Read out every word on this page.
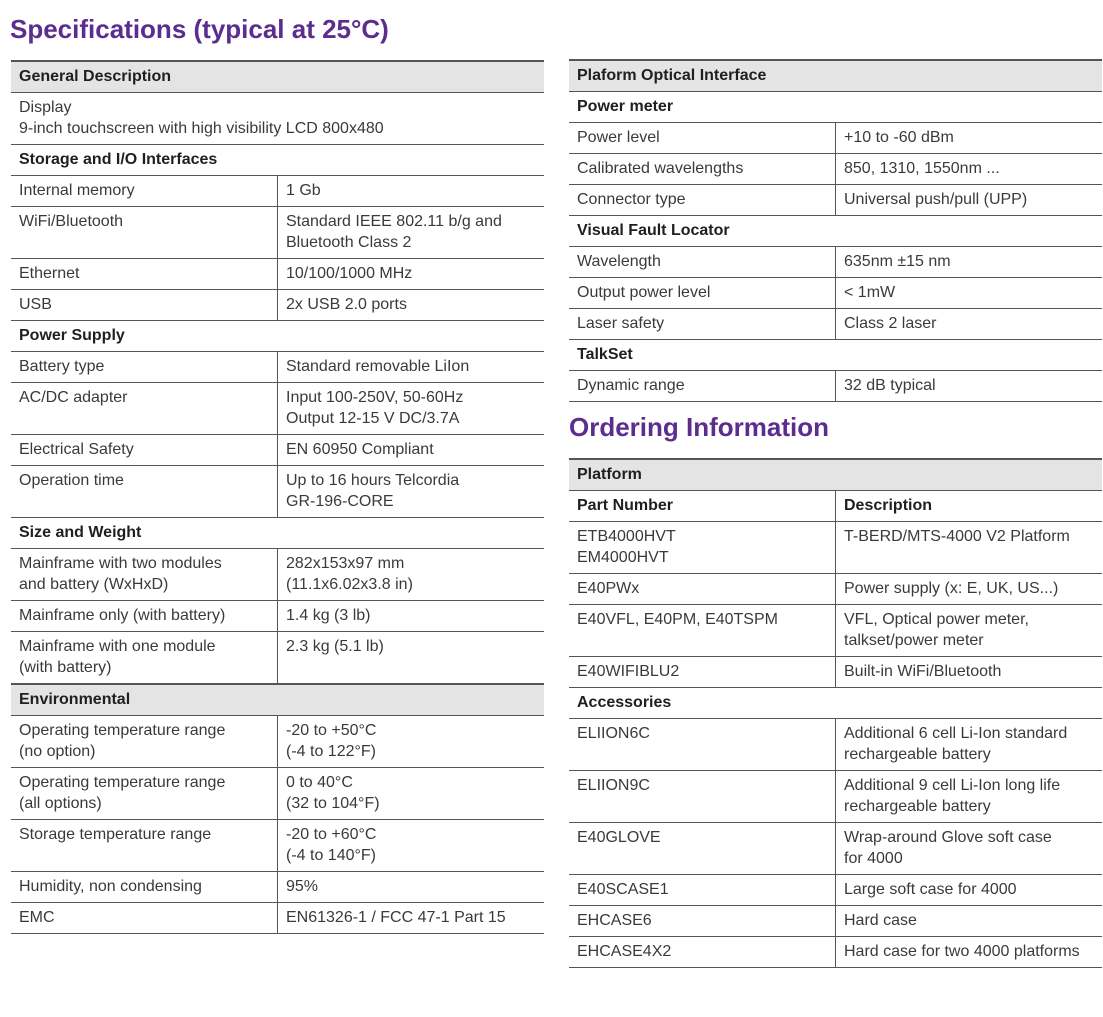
Specifications (typical at 25°C)
General Description	

Display
9-inch touchscreen with high visibility LCD 800x480	

Storage and I/O Interfaces	

Internal memory	1 Gb

WiFi/Bluetooth	Standard IEEE 802.11 b/g and
Bluetooth Class 2

Ethernet	10/100/1000 MHz

USB	2x USB 2.0 ports

Power Supply	

Battery type	Standard removable LiIon

AC/DC adapter	Input 100-250V, 50-60Hz
Output 12-15 V DC/3.7A

Electrical Safety	EN 60950 Compliant

Operation time	Up to 16 hours Telcordia
GR-196-CORE

Size and Weight	

Mainframe with two modules
and battery (WxHxD)	282x153x97 mm
(11.1x6.02x3.8 in)

Mainframe only (with battery)	1.4 kg (3 lb)

Mainframe with one module
(with battery)	2.3 kg (5.1 lb)

Environmental	

Operating temperature range
(no option)	-20 to +50°C
(-4 to 122°F)

Operating temperature range
(all options)	0 to 40°C
(32 to 104°F)

Storage temperature range	-20 to +60°C
(-4 to 140°F)

Humidity, non condensing	95%

EMC	EN61326-1 / FCC 47-1 Part 15
Plaform Optical Interface	
Power meter	

Power level	+10 to -60 dBm

Calibrated wavelengths	850, 1310, 1550nm ...

Connector type	Universal push/pull (UPP)

Visual Fault Locator	

Wavelength	635nm ±15 nm

Output power level	< 1mW

Laser safety	Class 2 laser

TalkSet	

Dynamic range	32 dB typical
Ordering Information
Platform	
Part Number	Description

ETB4000HVT
EM4000HVT	T-BERD/MTS-4000 V2 Platform

E40PWx	Power supply (x: E, UK, US...)

E40VFL, E40PM, E40TSPM	VFL, Optical power meter,
talkset/power meter

E40WIFIBLU2	Built-in WiFi/Bluetooth

Accessories	

ELIION6C	Additional 6 cell Li-Ion standard
rechargeable battery

ELIION9C	Additional 9 cell Li-Ion long life
rechargeable battery

E40GLOVE	Wrap-around Glove soft case
for 4000

E40SCASE1	Large soft case for 4000

EHCASE6	Hard case

EHCASE4X2	Hard case for two 4000 platforms
